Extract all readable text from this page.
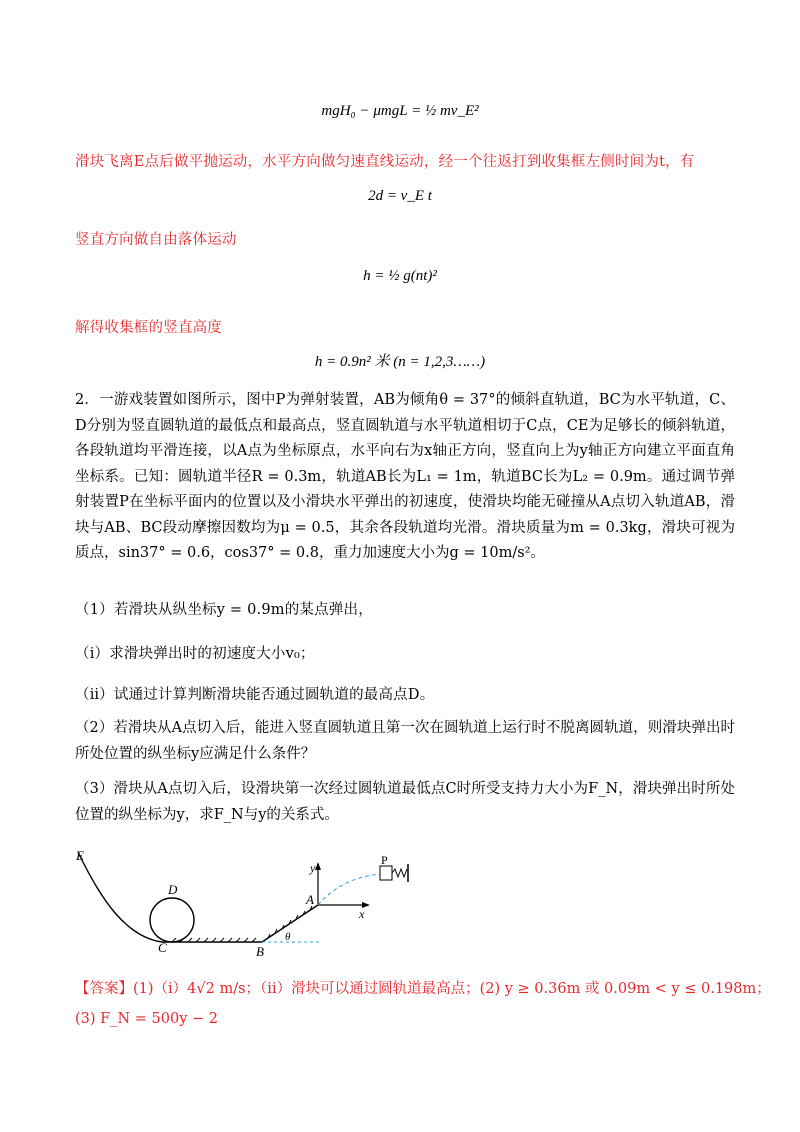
mgH₀ − μmgL = ½ mv_E²
滑块飞离E点后做平抛运动，水平方向做匀速直线运动，经一个往返打到收集框左侧时间为t，有
2d = v_E t
竖直方向做自由落体运动
h = ½ g(nt)²
解得收集框的竖直高度
h = 0.9n² 米 (n = 1,2,3……)
2．一游戏装置如图所示，图中P为弹射装置，AB为倾角θ = 37°的倾斜直轨道，BC为水平轨道，C、D分别为竖直圆轨道的最低点和最高点，竖直圆轨道与水平轨道相切于C点，CE为足够长的倾斜轨道，各段轨道均平滑连接，以A点为坐标原点，水平向右为x轴正方向，竖直向上为y轴正方向建立平面直角坐标系。已知：圆轨道半径R = 0.3m，轨道AB长为L₁ = 1m，轨道BC长为L₂ = 0.9m。通过调节弹射装置P在坐标平面内的位置以及小滑块水平弹出的初速度，使滑块均能无碰撞从A点切入轨道AB，滑块与AB、BC段动摩擦因数均为μ = 0.5，其余各段轨道均光滑。滑块质量为m = 0.3kg，滑块可视为质点，sin37° = 0.6，cos37° = 0.8，重力加速度大小为g = 10m/s²。
（1）若滑块从纵坐标y = 0.9m的某点弹出，
（ⅰ）求滑块弹出时的初速度大小v₀；
（ⅱ）试通过计算判断滑块能否通过圆轨道的最高点D。
（2）若滑块从A点切入后，能进入竖直圆轨道且第一次在圆轨道上运行时不脱离圆轨道，则滑块弹出时所处位置的纵坐标y应满足什么条件？
（3）滑块从A点切入后，设滑块第一次经过圆轨道最低点C时所受支持力大小为F_N，滑块弹出时所处位置的纵坐标为y，求F_N与y的关系式。
E
D
C	B
A
P
x
y
θ
【答案】(1)（ⅰ）4√2 m/s；（ⅱ）滑块可以通过圆轨道最高点；(2) y ≥ 0.36m 或 0.09m < y ≤ 0.198m；
(3) F_N = 500y − 2
